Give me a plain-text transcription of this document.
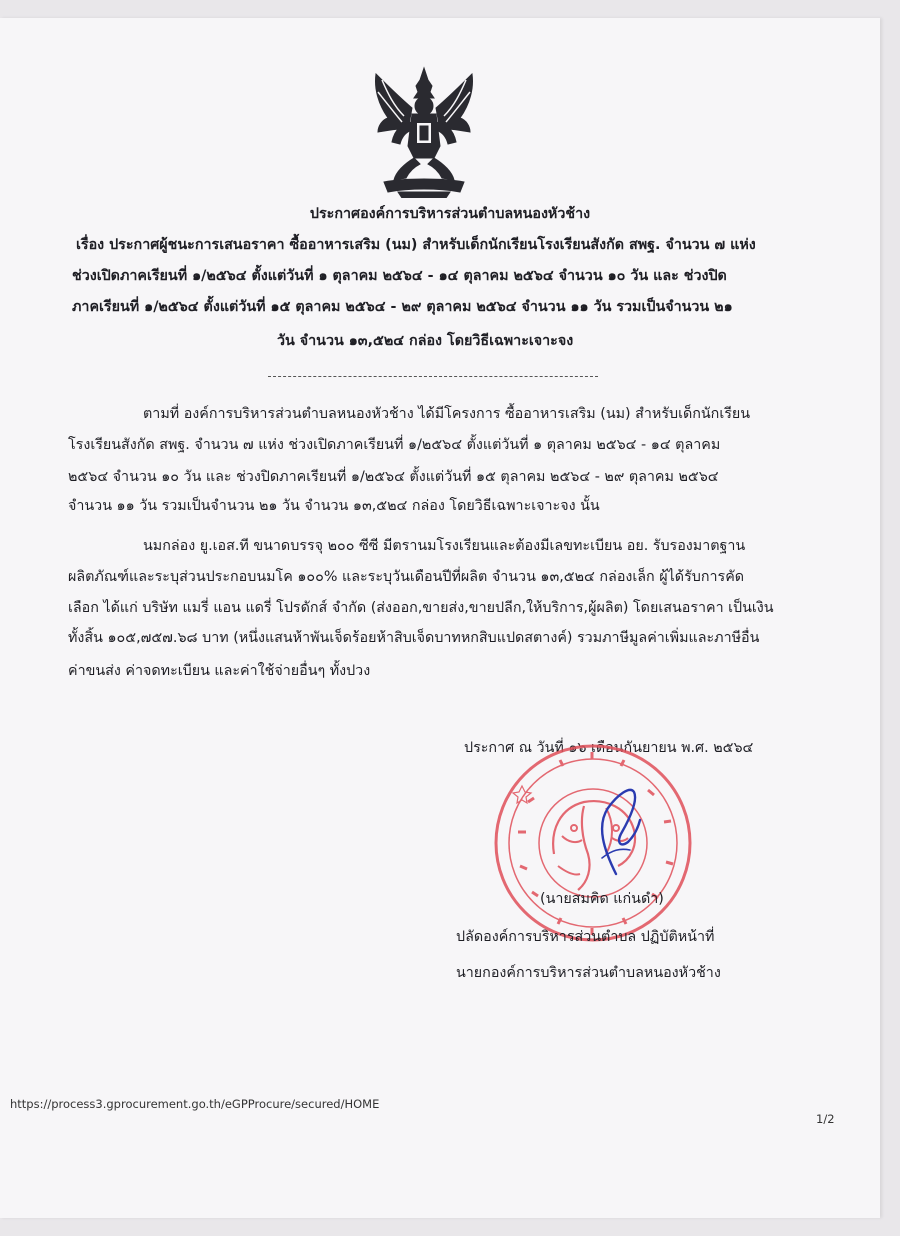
ประกาศองค์การบริหารส่วนตำบลหนองหัวช้าง
เรื่อง ประกาศผู้ชนะการเสนอราคา ซื้ออาหารเสริม (นม) สำหรับเด็กนักเรียนโรงเรียนสังกัด สพฐ. จำนวน ๗ แห่ง
ช่วงเปิดภาคเรียนที่ ๑/๒๕๖๔ ตั้งแต่วันที่ ๑ ตุลาคม ๒๕๖๔ - ๑๔ ตุลาคม ๒๕๖๔ จำนวน ๑๐ วัน และ ช่วงปิด
ภาคเรียนที่ ๑/๒๕๖๔ ตั้งแต่วันที่ ๑๕ ตุลาคม ๒๕๖๔ - ๒๙ ตุลาคม ๒๕๖๔ จำนวน ๑๑ วัน รวมเป็นจำนวน ๒๑
วัน จำนวน ๑๓,๕๒๔ กล่อง โดยวิธีเฉพาะเจาะจง
ตามที่ องค์การบริหารส่วนตำบลหนองหัวช้าง ได้มีโครงการ ซื้ออาหารเสริม (นม) สำหรับเด็กนักเรียน
โรงเรียนสังกัด สพฐ. จำนวน ๗ แห่ง ช่วงเปิดภาคเรียนที่ ๑/๒๕๖๔ ตั้งแต่วันที่ ๑ ตุลาคม ๒๕๖๔ - ๑๔ ตุลาคม
๒๕๖๔ จำนวน ๑๐ วัน และ ช่วงปิดภาคเรียนที่ ๑/๒๕๖๔ ตั้งแต่วันที่ ๑๕ ตุลาคม ๒๕๖๔ - ๒๙ ตุลาคม ๒๕๖๔
จำนวน ๑๑ วัน รวมเป็นจำนวน ๒๑ วัน จำนวน ๑๓,๕๒๔ กล่อง โดยวิธีเฉพาะเจาะจง นั้น
นมกล่อง ยู.เอส.ที ขนาดบรรจุ ๒๐๐ ซีซี มีตรานมโรงเรียนและต้องมีเลขทะเบียน อย. รับรองมาตฐาน
ผลิตภัณฑ์และระบุส่วนประกอบนมโค ๑๐๐% และระบุวันเดือนปีที่ผลิต จำนวน ๑๓,๕๒๔ กล่องเล็ก ผู้ได้รับการคัด
เลือก ได้แก่ บริษัท แมรี่ แอน แดรี่ โปรดักส์ จำกัด (ส่งออก,ขายส่ง,ขายปลีก,ให้บริการ,ผู้ผลิต) โดยเสนอราคา เป็นเงิน
ทั้งสิ้น ๑๐๕,๗๕๗.๖๘ บาท (หนึ่งแสนห้าพันเจ็ดร้อยห้าสิบเจ็ดบาทหกสิบแปดสตางค์) รวมภาษีมูลค่าเพิ่มและภาษีอื่น
ค่าขนส่ง ค่าจดทะเบียน และค่าใช้จ่ายอื่นๆ ทั้งปวง
ประกาศ ณ วันที่ ๑๖ เดือนกันยายน พ.ศ. ๒๕๖๔
(นายสมคิด แก่นดำ)
ปลัดองค์การบริหารส่วนตำบล ปฏิบัติหน้าที่
นายกองค์การบริหารส่วนตำบลหนองหัวช้าง
https://process3.gprocurement.go.th/eGPProcure/secured/HOME
1/2
